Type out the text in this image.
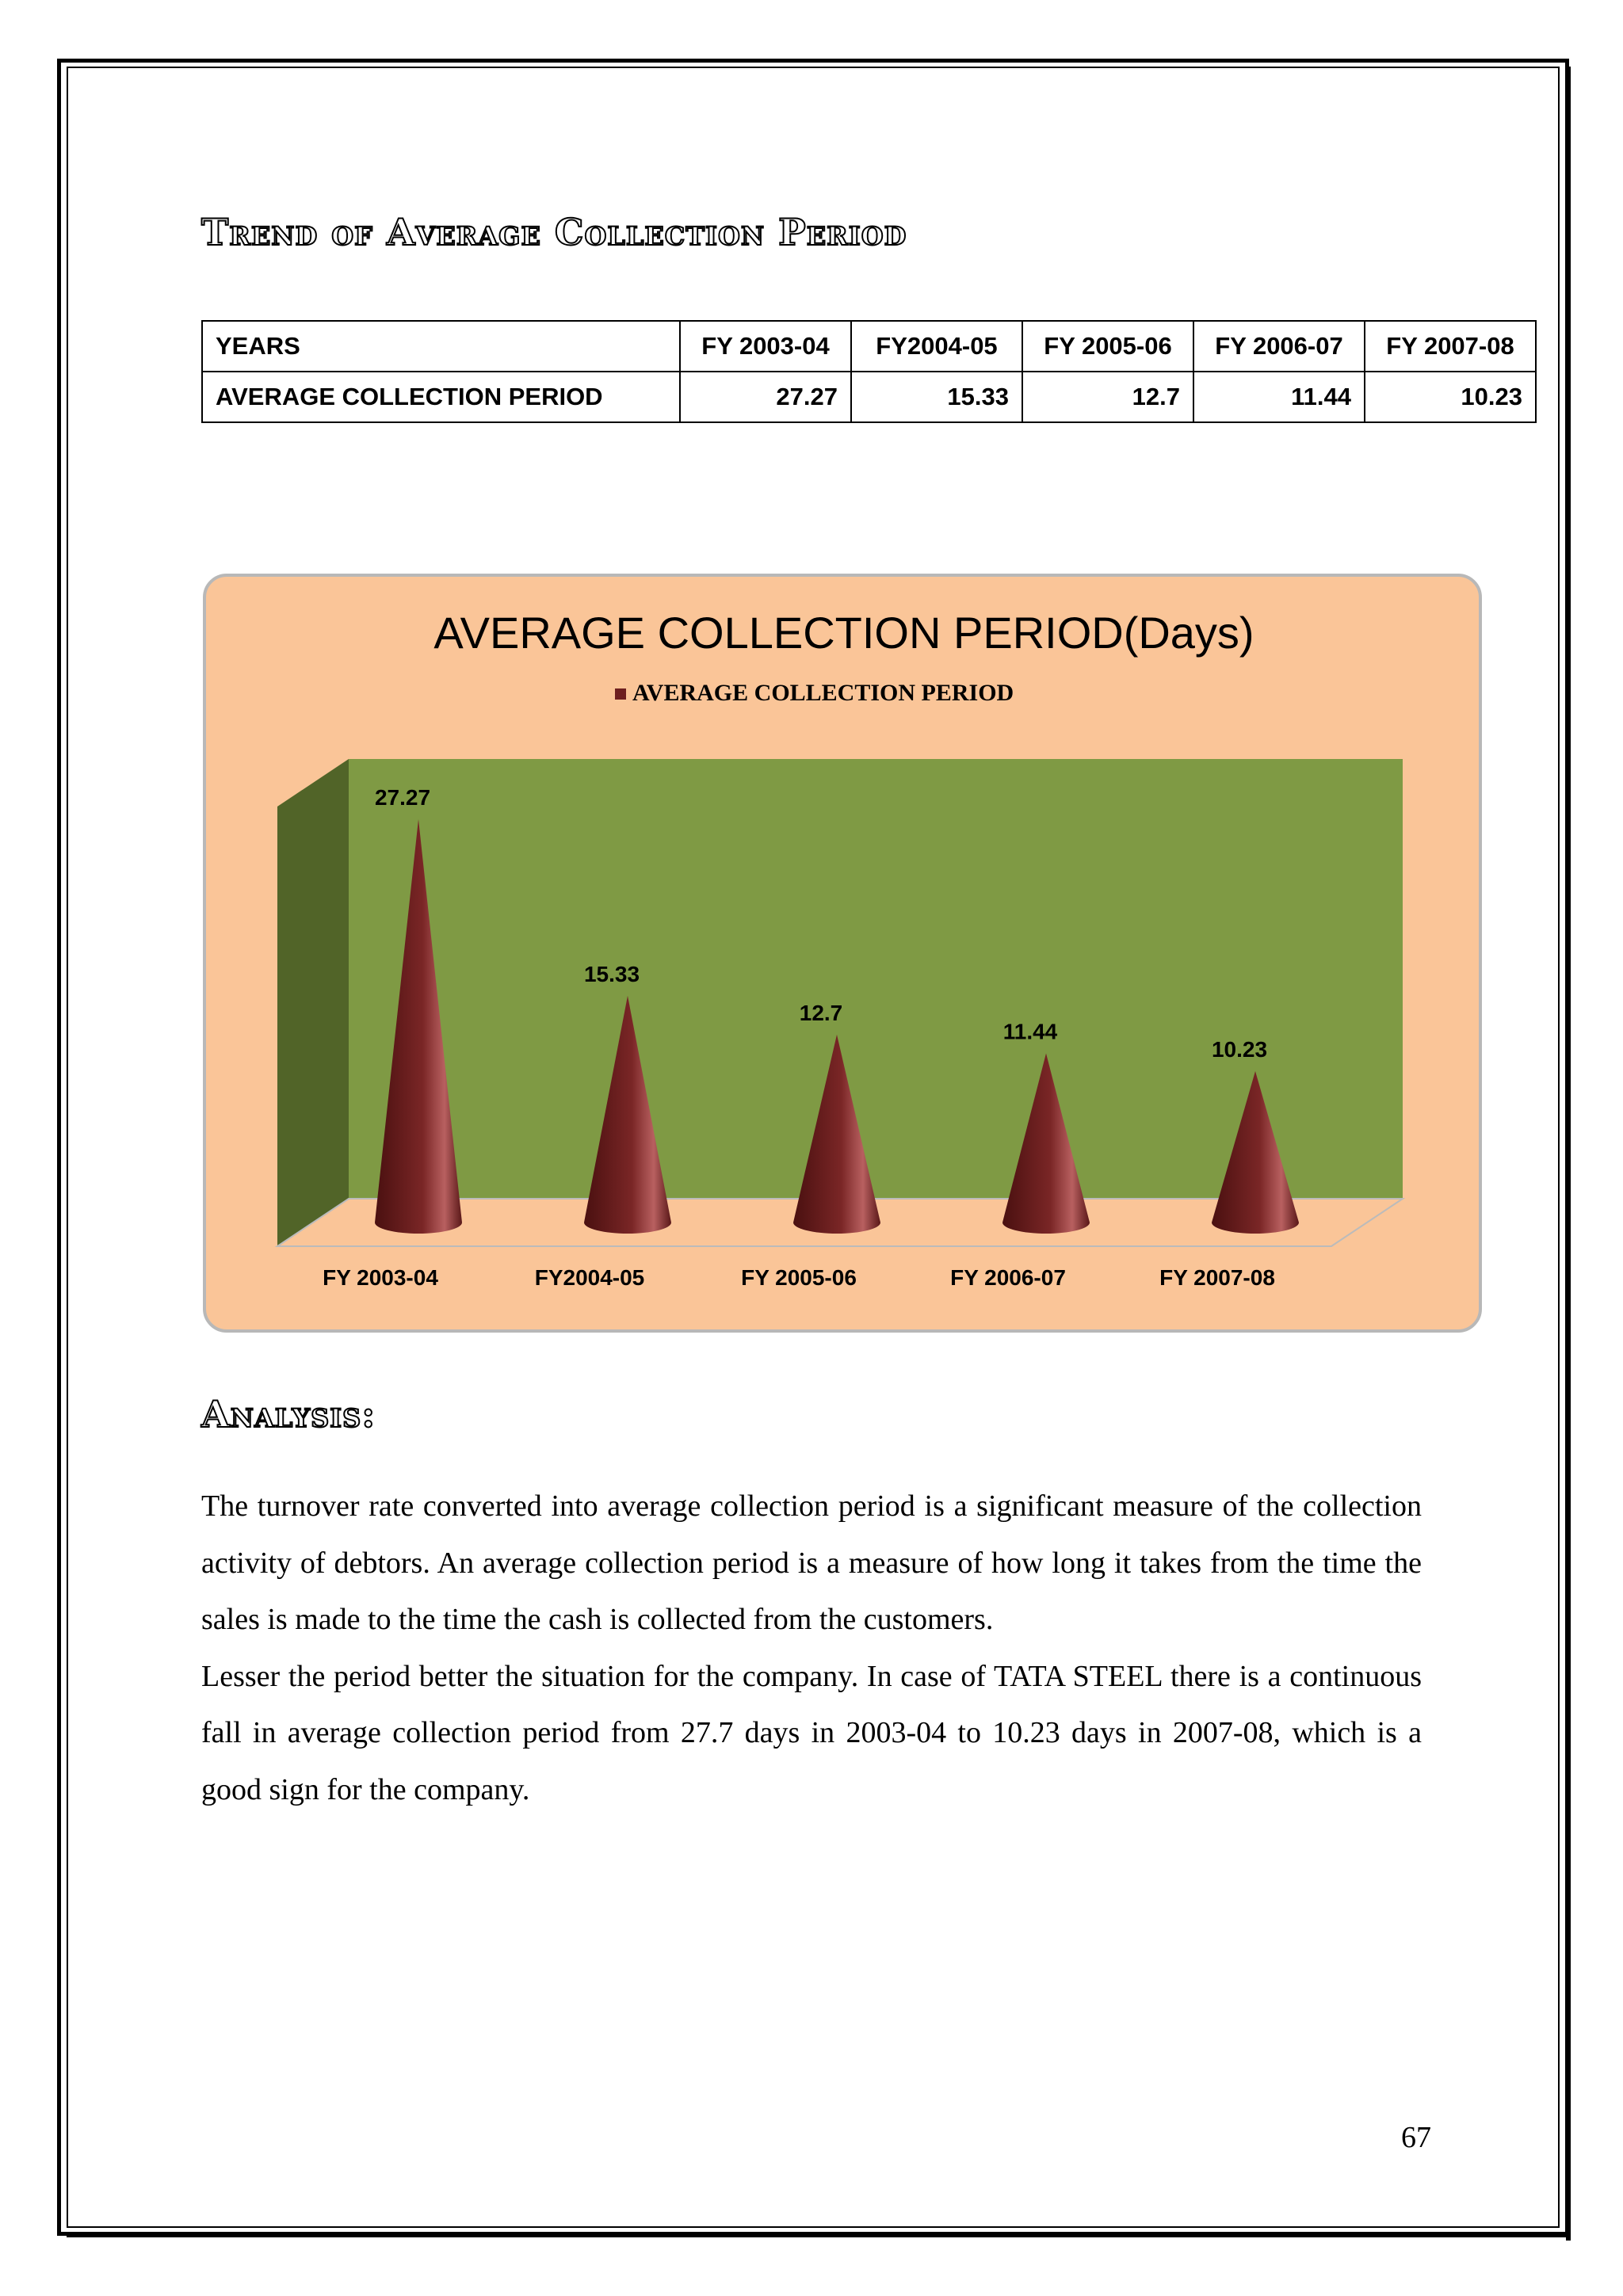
Trend of Average Collection Period
YEARS	FY 2003-04	FY2004-05	FY 2005-06	FY 2006-07	FY 2007-08
AVERAGE COLLECTION PERIOD	27.27	15.33	12.7	11.44	10.23
AVERAGE COLLECTION PERIOD(Days)
AVERAGE COLLECTION PERIOD
27.27
FY 2003-04
15.33
FY2004-05
12.7
FY 2005-06
11.44
FY 2006-07
10.23
FY 2007-08
Analysis:

The turnover rate converted into average collection period is a significant measure of the collection activity of debtors. An average collection period is a measure of how long it takes from the time the sales is made to the time the cash is collected from the customers.

Lesser the period better the situation for the company. In case of TATA STEEL there is a continuous fall in average collection period from 27.7 days in 2003-04 to 10.23 days in 2007-08, which is a good sign for the company.

67
